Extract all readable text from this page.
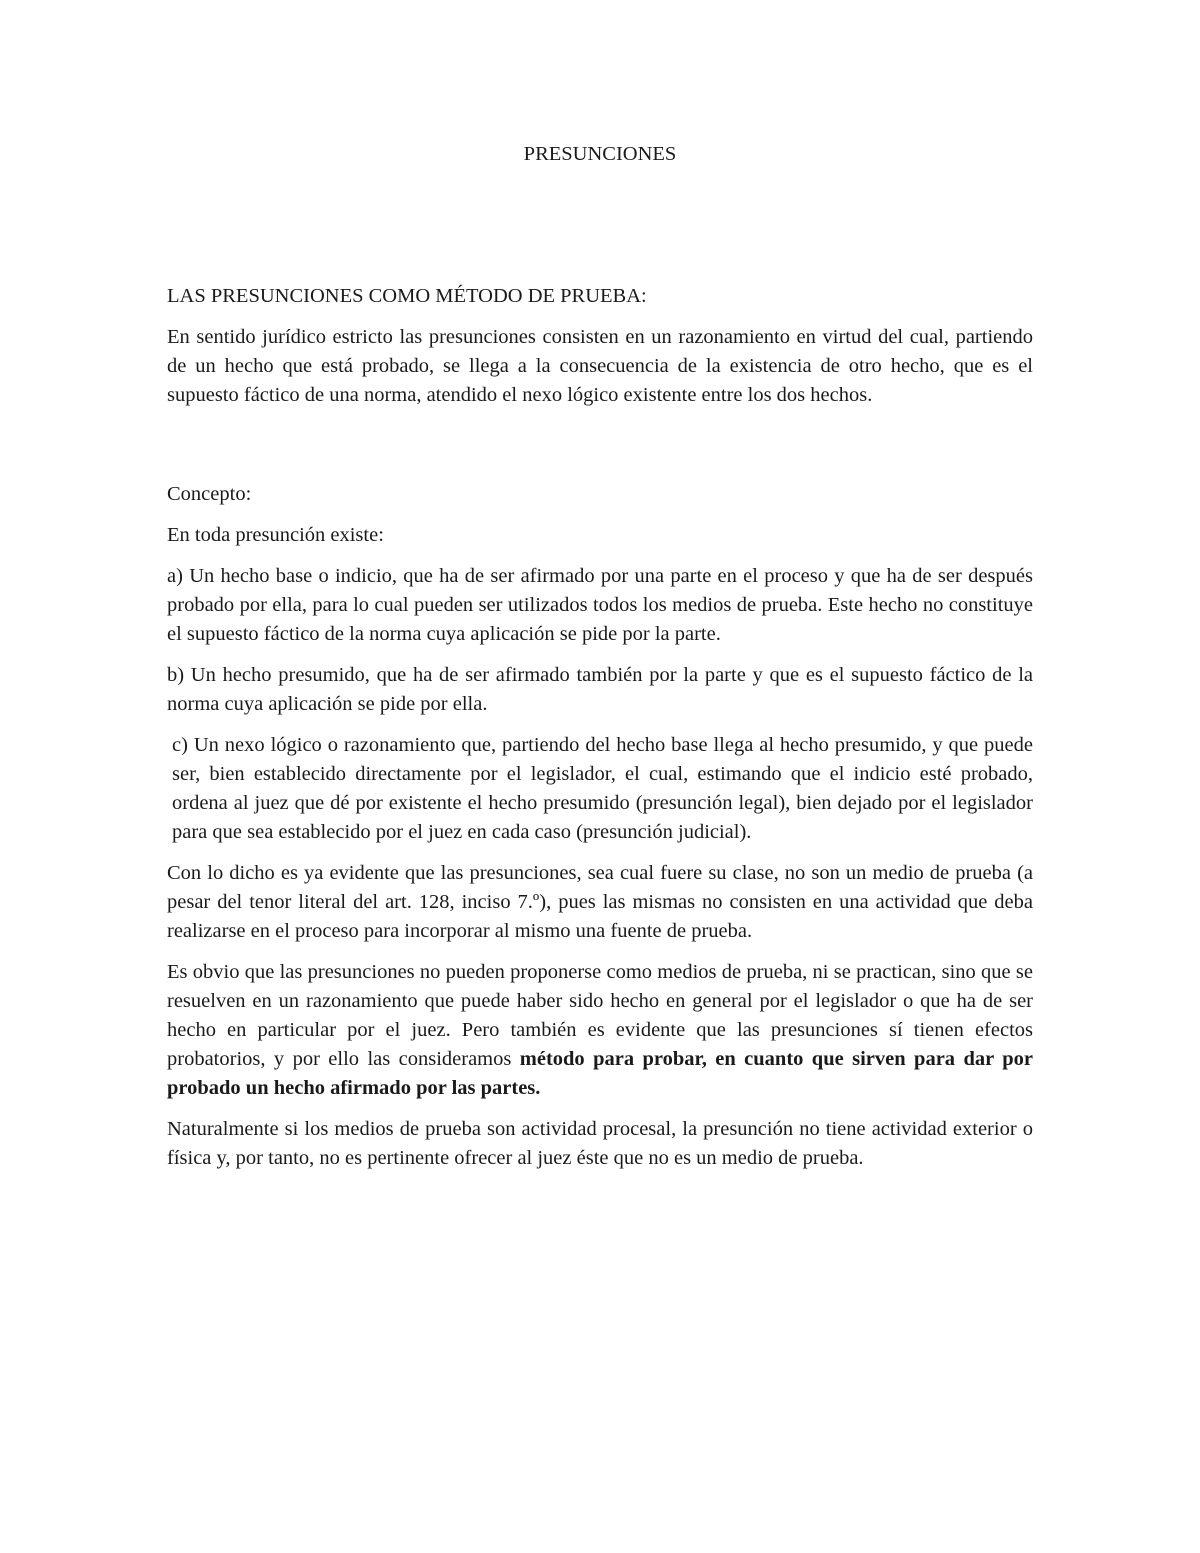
PRESUNCIONES

LAS PRESUNCIONES COMO MÉTODO DE PRUEBA:

En sentido jurídico estricto las presunciones consisten en un razonamiento en virtud del cual, partiendo de un hecho que está probado, se llega a la consecuencia de la existencia de otro hecho, que es el supuesto fáctico de una norma, atendido el nexo lógico existente entre los dos hechos.

Concepto:

En toda presunción existe:

a) Un hecho base o indicio, que ha de ser afirmado por una parte en el proceso y que ha de ser después probado por ella, para lo cual pueden ser utilizados todos los medios de prueba. Este hecho no constituye el supuesto fáctico de la norma cuya aplicación se pide por la parte.

b) Un hecho presumido, que ha de ser afirmado también por la parte y que es el supuesto fáctico de la norma cuya aplicación se pide por ella.

c) Un nexo lógico o razonamiento que, partiendo del hecho base llega al hecho presumido, y que puede ser, bien establecido directamente por el legislador, el cual, estimando que el indicio esté probado, ordena al juez que dé por existente el hecho presumido (presunción legal), bien dejado por el legislador para que sea establecido por el juez en cada caso (presunción judicial).

Con lo dicho es ya evidente que las presunciones, sea cual fuere su clase, no son un medio de prueba (a pesar del tenor literal del art. 128, inciso 7.º), pues las mismas no consisten en una actividad que deba realizarse en el proceso para incorporar al mismo una fuente de prueba.

Es obvio que las presunciones no pueden proponerse como medios de prueba, ni se practican, sino que se resuelven en un razonamiento que puede haber sido hecho en general por el legislador o que ha de ser hecho en particular por el juez. Pero también es evidente que las presunciones sí tienen efectos probatorios, y por ello las consideramos método para probar, en cuanto que sirven para dar por probado un hecho afirmado por las partes.

Naturalmente si los medios de prueba son actividad procesal, la presunción no tiene actividad exterior o física y, por tanto, no es pertinente ofrecer al juez éste que no es un medio de prueba.
